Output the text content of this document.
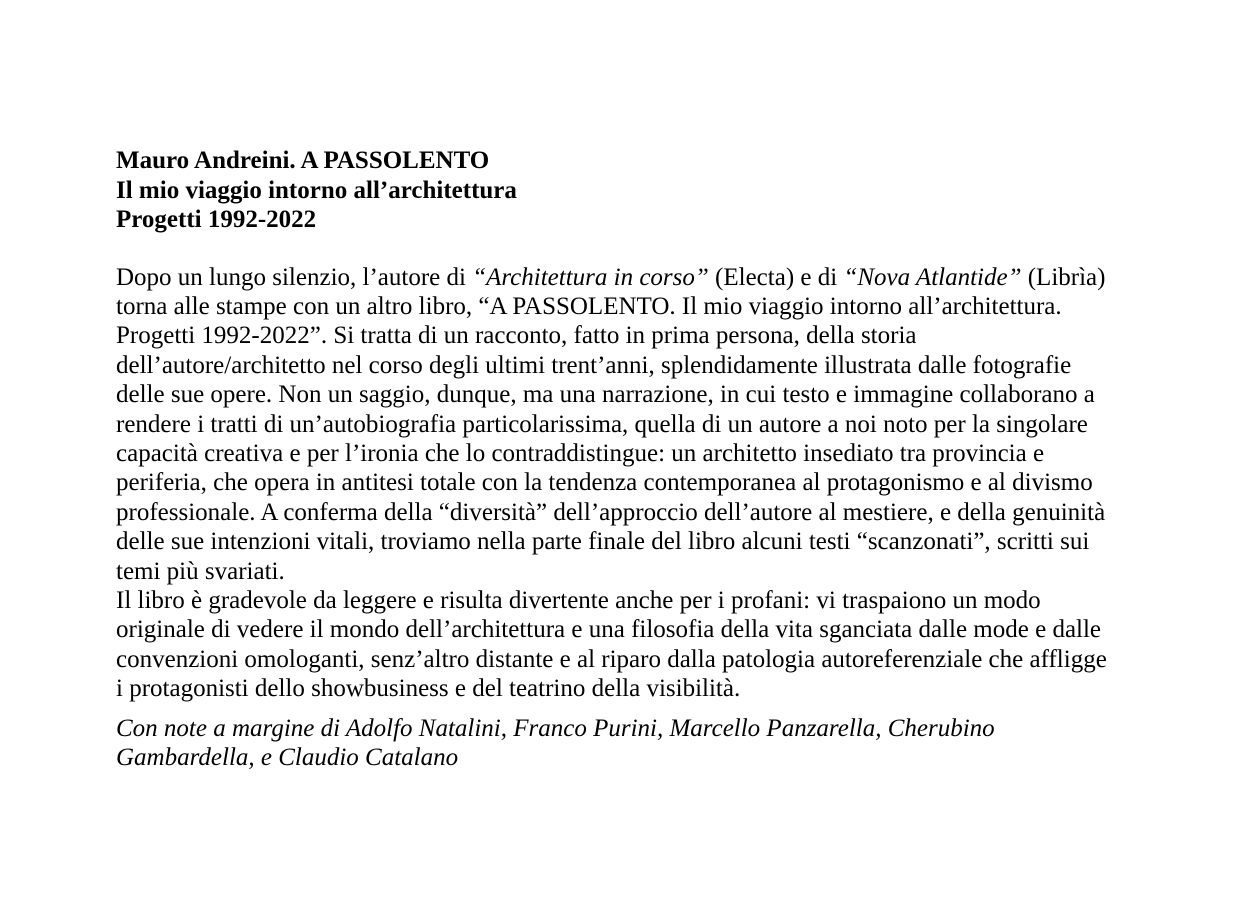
Mauro Andreini. A PASSOLENTO
Il mio viaggio intorno all’architettura
Progetti 1992-2022
Dopo un lungo silenzio, l’autore di “Architettura in corso” (Electa) e di “Nova Atlantide” (Librìa)
torna alle stampe con un altro libro, “A PASSOLENTO. Il mio viaggio intorno all’architettura.
Progetti 1992-2022”. Si tratta di un racconto, fatto in prima persona, della storia
dell’autore/architetto nel corso degli ultimi trent’anni, splendidamente illustrata dalle fotografie
delle sue opere. Non un saggio, dunque, ma una narrazione, in cui testo e immagine collaborano a
rendere i tratti di un’autobiografia particolarissima, quella di un autore a noi noto per la singolare
capacità creativa e per l’ironia che lo contraddistingue: un architetto insediato tra provincia e
periferia, che opera in antitesi totale con la tendenza contemporanea al protagonismo e al divismo
professionale. A conferma della “diversità” dell’approccio dell’autore al mestiere, e della genuinità
delle sue intenzioni vitali, troviamo nella parte finale del libro alcuni testi “scanzonati”, scritti sui
temi più svariati.
Il libro è gradevole da leggere e risulta divertente anche per i profani: vi traspaiono un modo
originale di vedere il mondo dell’architettura e una filosofia della vita sganciata dalle mode e dalle
convenzioni omologanti, senz’altro distante e al riparo dalla patologia autoreferenziale che affligge
i protagonisti dello showbusiness e del teatrino della visibilità.
Con note a margine di Adolfo Natalini, Franco Purini, Marcello Panzarella, Cherubino
Gambardella, e Claudio Catalano
